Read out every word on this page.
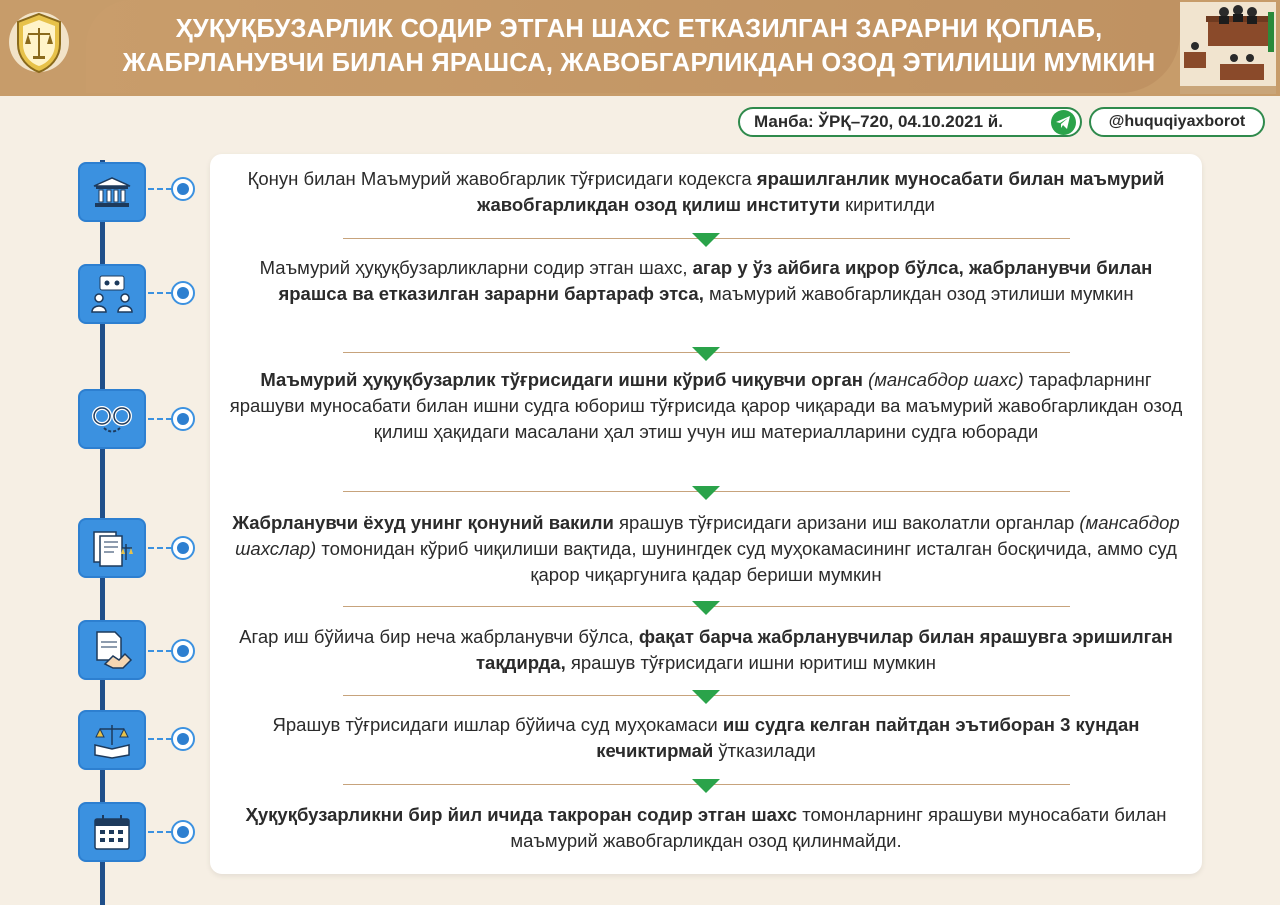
ҲУҚУҚБУЗАРЛИК СОДИР ЭТГАН ШАХС ЕТКАЗИЛГАН ЗАРАРНИ ҚОПЛАБ,
ЖАБРЛАНУВЧИ БИЛАН ЯРАШСА, ЖАВОБГАРЛИКДАН ОЗОД ЭТИЛИШИ МУМКИН
Манба: ЎРҚ–720, 04.10.2021 й.	@huquqiyaxborot
Қонун билан Маъмурий жавобгарлик тўғрисидаги кодексга ярашилганлик муносабати билан маъмурий жавобгарликдан озод қилиш институти киритилди
Маъмурий ҳуқуқбузарликларни содир этган шахс, агар у ўз айбига иқрор бўлса, жабрланувчи билан ярашса ва етказилган зарарни бартараф этса, маъмурий жавобгарликдан озод этилиши мумкин
Маъмурий ҳуқуқбузарлик тўғрисидаги ишни кўриб чиқувчи орган (мансабдор шахс) тарафларнинг ярашуви муносабати билан ишни судга юбориш тўғрисида қарор чиқаради ва маъмурий жавобгарликдан озод қилиш ҳақидаги масалани ҳал этиш учун иш материалларини судга юборади
Жабрланувчи ёхуд унинг қонуний вакили ярашув тўғрисидаги аризани иш ваколатли органлар (мансабдор шахслар) томонидан кўриб чиқилиши вақтида, шунингдек суд муҳокамасининг исталган босқичида, аммо суд қарор чиқаргунига қадар бериши мумкин
Агар иш бўйича бир неча жабрланувчи бўлса, фақат барча жабрланувчилар билан ярашувга эришилган тақдирда, ярашув тўғрисидаги ишни юритиш мумкин
Ярашув тўғрисидаги ишлар бўйича суд муҳокамаси иш судга келган пайтдан эътиборан 3 кундан кечиктирмай ўтказилади
Ҳуқуқбузарликни бир йил ичида такроран содир этган шахс томонларнинг ярашуви муносабати билан маъмурий жавобгарликдан озод қилинмайди.
